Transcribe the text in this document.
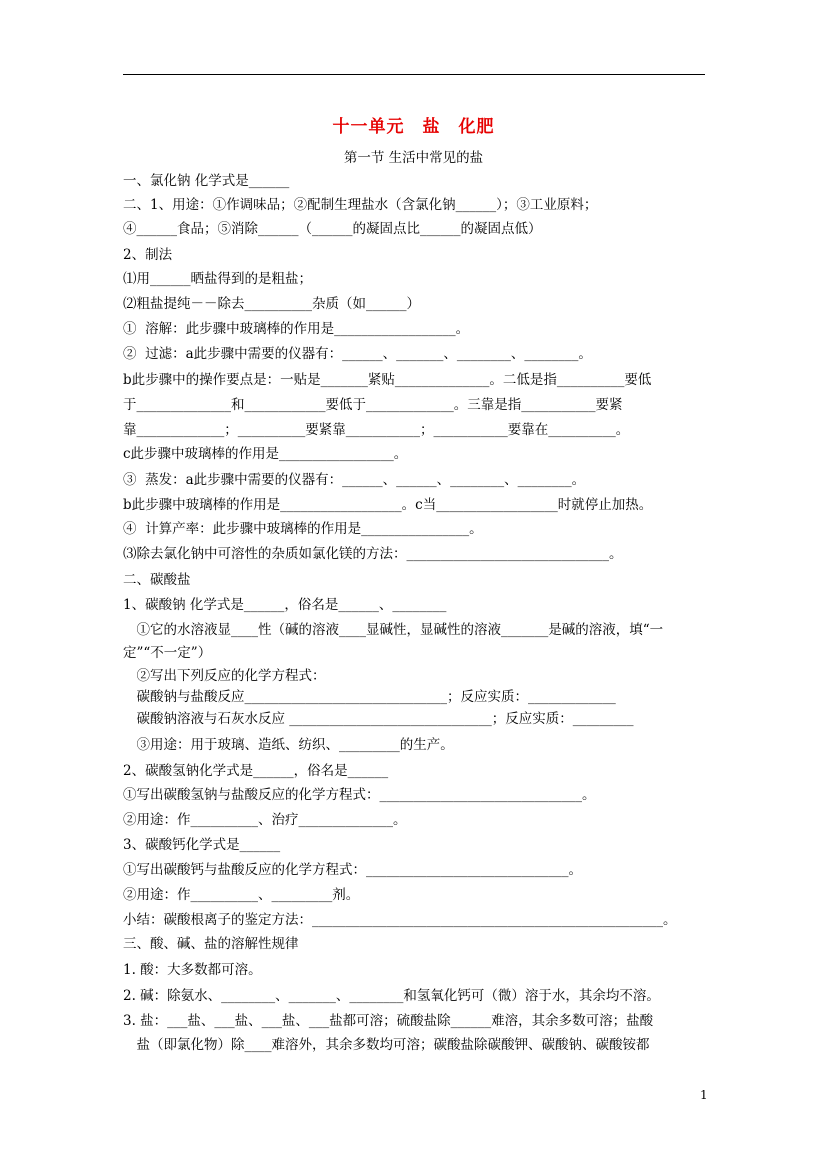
十一单元　盐　化肥
第一节 生活中常见的盐
一、氯化钠 化学式是______
二、1、用途：①作调味品；②配制生理盐水（含氯化钠______）；③工业原料；
④______食品；⑤消除______（______的凝固点比______的凝固点低）
2、制法
⑴用______晒盐得到的是粗盐；
⑵粗盐提纯－－除去__________杂质（如______）
①  溶解：此步骤中玻璃棒的作用是__________________。
②  过滤：a此步骤中需要的仪器有：______、_______、________、________。
b此步骤中的操作要点是：一贴是_______紧贴______________。二低是指__________要低
于______________和____________要低于_____________。三靠是指___________要紧
靠_____________；__________要紧靠___________；___________要靠在__________。
c此步骤中玻璃棒的作用是_________________。
③  蒸发：a此步骤中需要的仪器有：______、______、________、________。
b此步骤中玻璃棒的作用是__________________。c当__________________时就停止加热。
④  计算产率：此步骤中玻璃棒的作用是________________。
⑶除去氯化钠中可溶性的杂质如氯化镁的方法：______________________________。
二、碳酸盐
1、碳酸钠 化学式是______，俗名是______、________
　①它的水溶液显____性（碱的溶液____显碱性，显碱性的溶液_______是碱的溶液，填“一
定”“不一定”）
　②写出下列反应的化学方程式：
　碳酸钠与盐酸反应______________________________；反应实质：_____________
　碳酸钠溶液与石灰水反应 ______________________________；反应实质：_________
　③用途：用于玻璃、造纸、纺织、_________的生产。
2、碳酸氢钠化学式是______，俗名是______
①写出碳酸氢钠与盐酸反应的化学方程式：______________________________。
②用途：作__________、治疗______________。
3、碳酸钙化学式是______
①写出碳酸钙与盐酸反应的化学方程式：______________________________。
②用途：作__________、_________剂。
小结：碳酸根离子的鉴定方法：____________________________________________________。
三、酸、碱、盐的溶解性规律
1. 酸：大多数都可溶。
2. 碱：除氨水、________、_______、________和氢氧化钙可（微）溶于水，其余均不溶。
3. 盐：___盐、___盐、___盐、___盐都可溶；硫酸盐除______难溶，其余多数可溶；盐酸
　盐（即氯化物）除____难溶外，其余多数均可溶；碳酸盐除碳酸钾、碳酸钠、碳酸铵都
1
